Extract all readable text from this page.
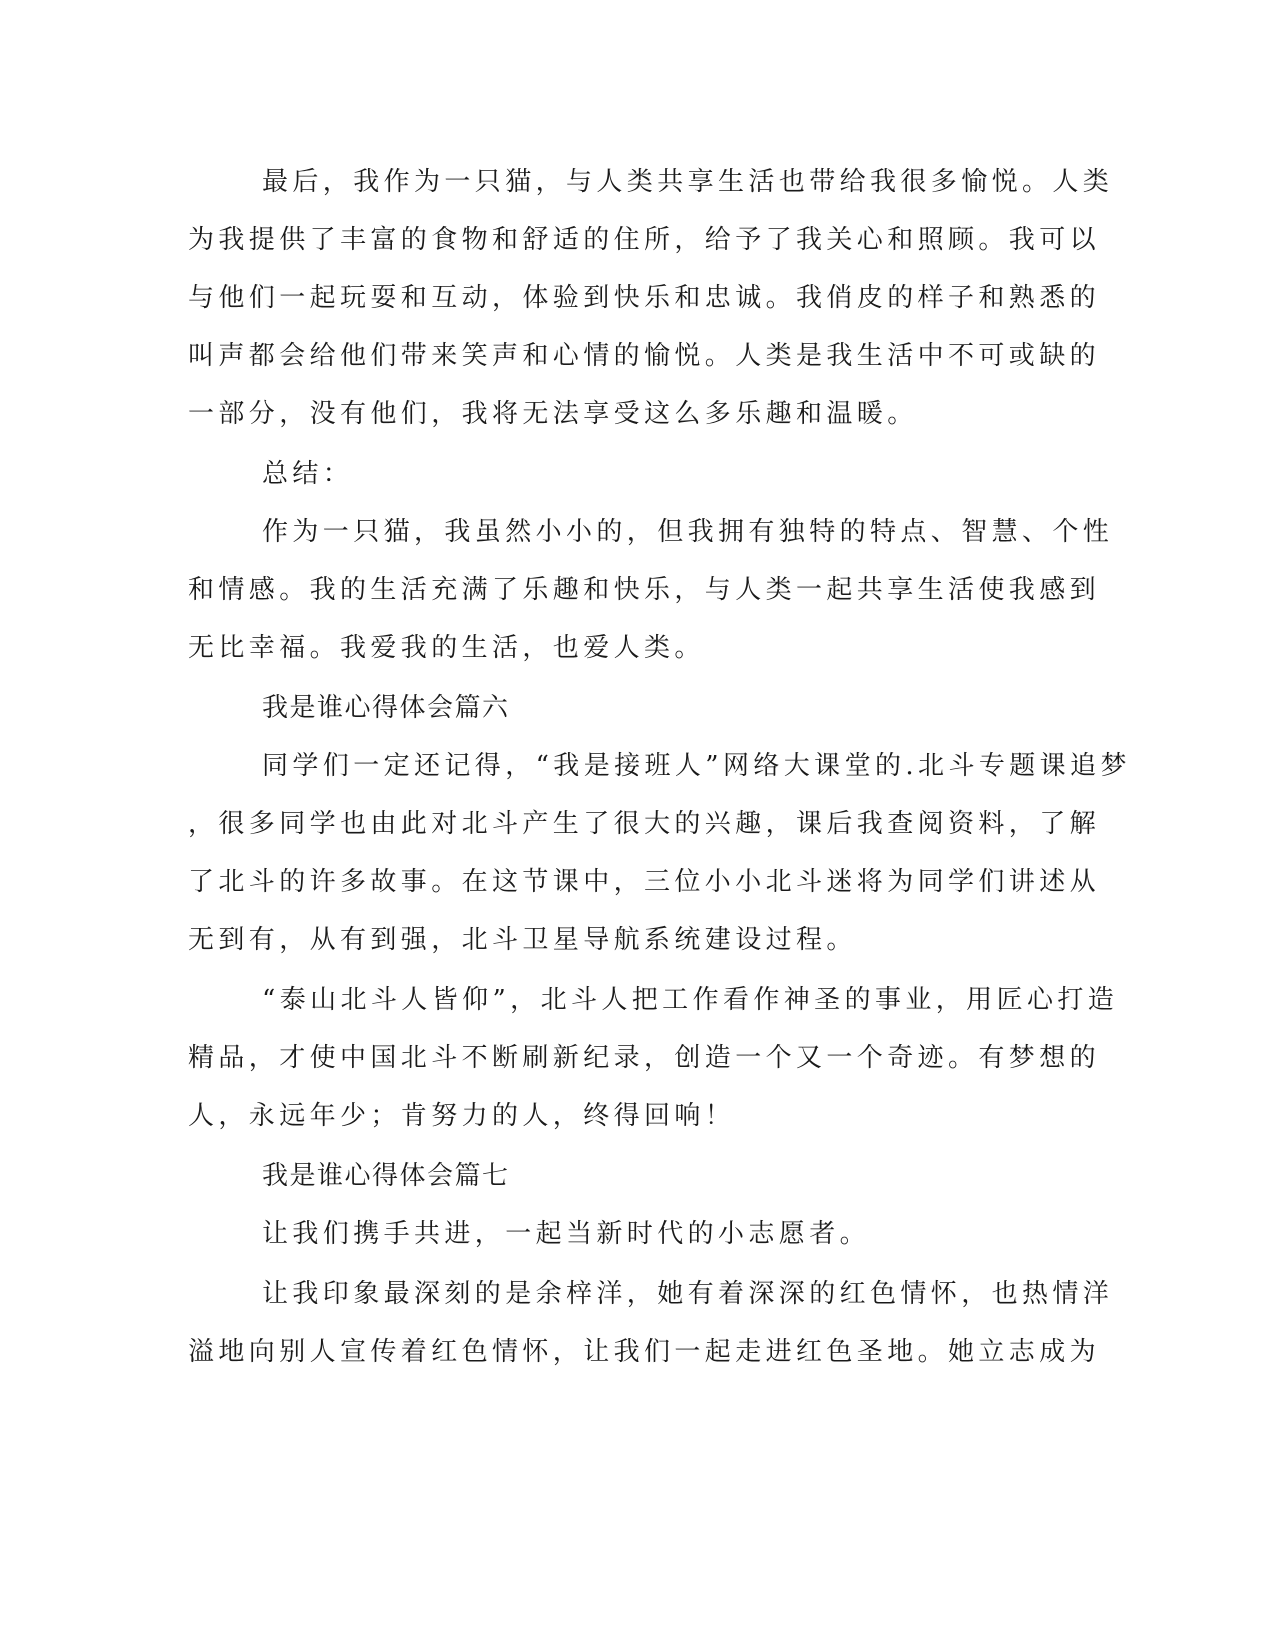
最后，我作为一只猫，与人类共享生活也带给我很多愉悦。人类

为我提供了丰富的食物和舒适的住所，给予了我关心和照顾。我可以

与他们一起玩耍和互动，体验到快乐和忠诚。我俏皮的样子和熟悉的

叫声都会给他们带来笑声和心情的愉悦。人类是我生活中不可或缺的

一部分，没有他们，我将无法享受这么多乐趣和温暖。

总结：

作为一只猫，我虽然小小的，但我拥有独特的特点、智慧、个性

和情感。我的生活充满了乐趣和快乐，与人类一起共享生活使我感到

无比幸福。我爱我的生活，也爱人类。

我是谁心得体会篇六

同学们一定还记得，“我是接班人”网络大课堂的.北斗专题课追梦

，很多同学也由此对北斗产生了很大的兴趣，课后我查阅资料，了解

了北斗的许多故事。在这节课中，三位小小北斗迷将为同学们讲述从

无到有，从有到强，北斗卫星导航系统建设过程。

“泰山北斗人皆仰”，北斗人把工作看作神圣的事业，用匠心打造

精品，才使中国北斗不断刷新纪录，创造一个又一个奇迹。有梦想的

人，永远年少；肯努力的人，终得回响！

我是谁心得体会篇七

让我们携手共进，一起当新时代的小志愿者。

让我印象最深刻的是余梓洋，她有着深深的红色情怀，也热情洋

溢地向别人宣传着红色情怀，让我们一起走进红色圣地。她立志成为
